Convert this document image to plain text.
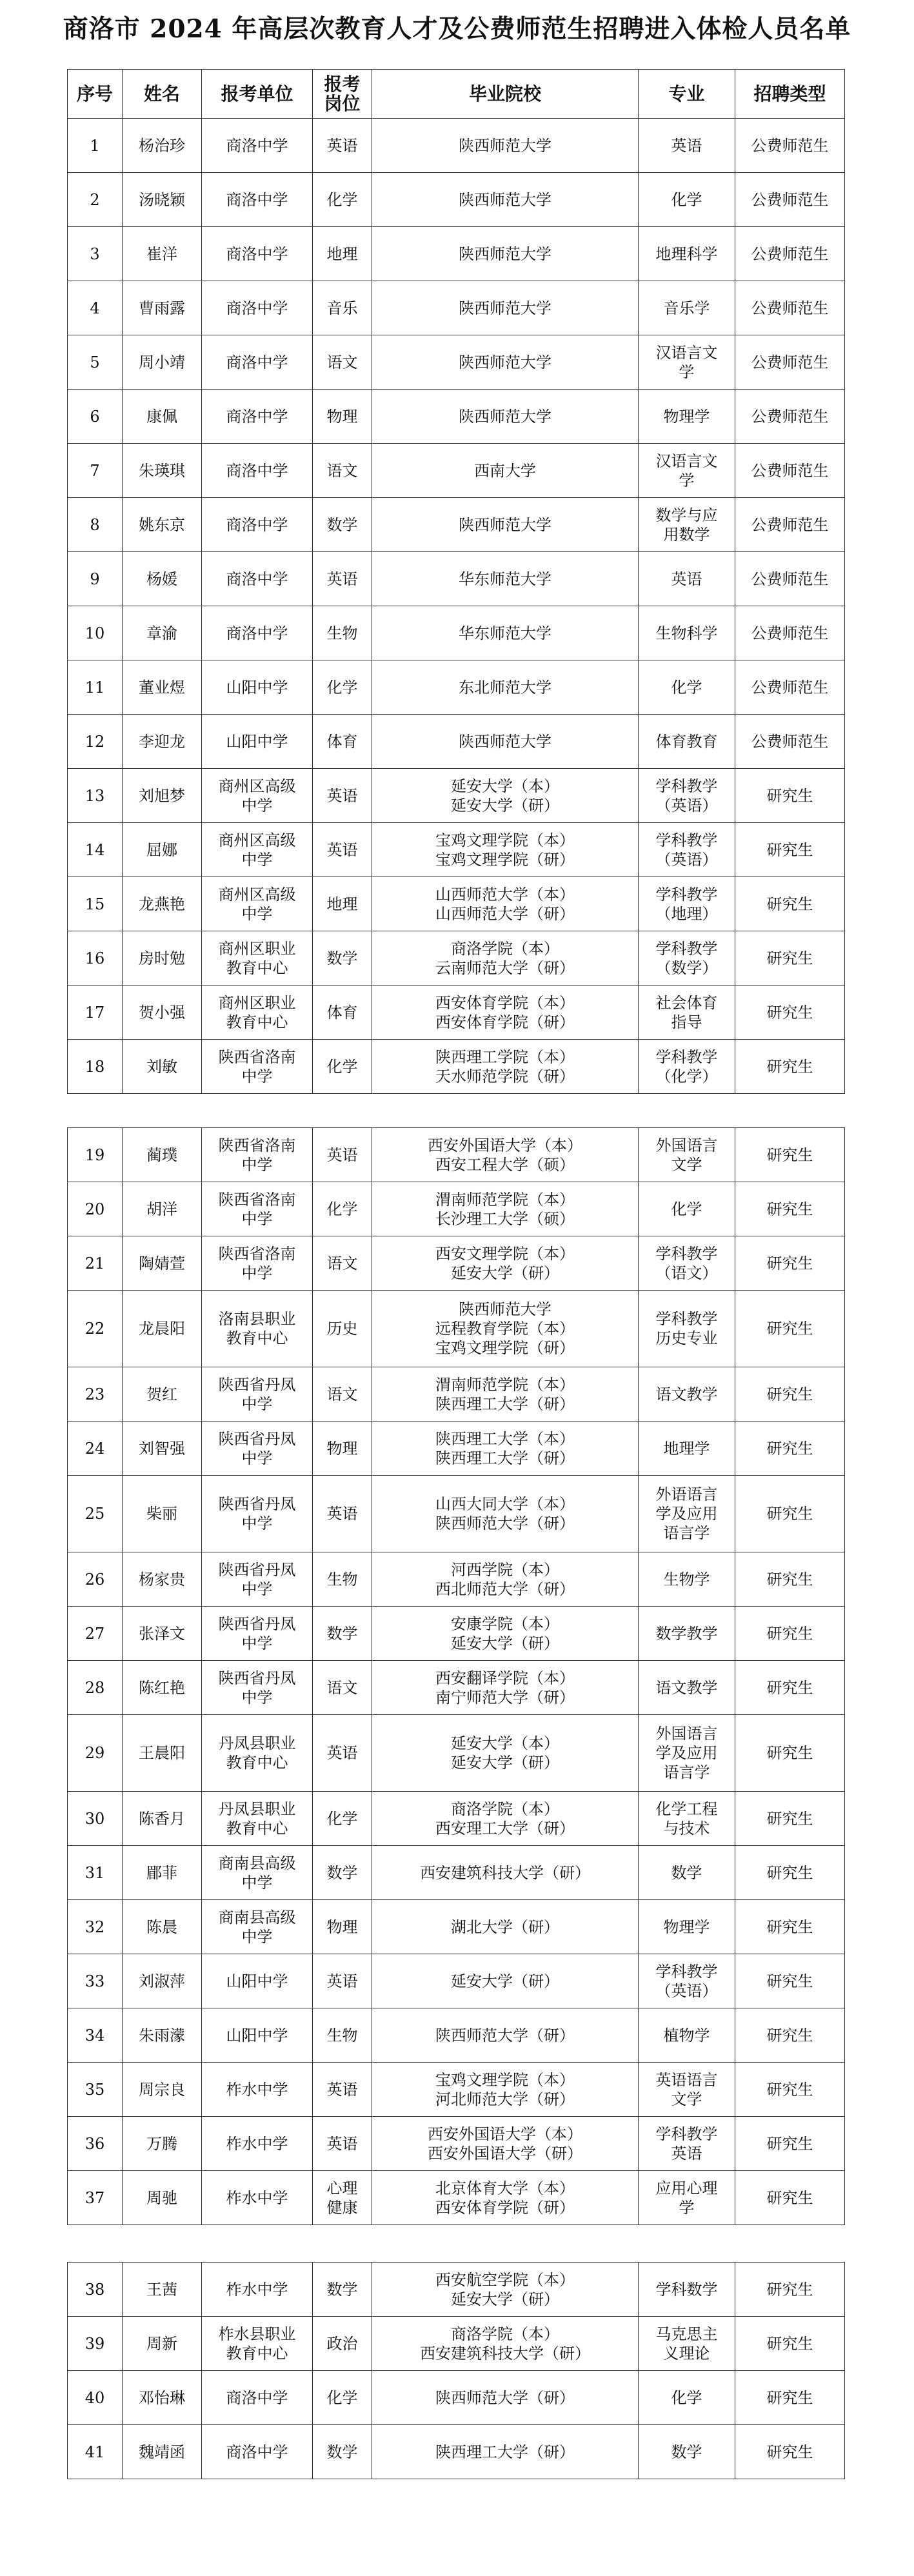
商洛市 2024 年高层次教育人才及公费师范生招聘进入体检人员名单
序号	姓名	报考单位	报考
岗位	毕业院校	专业	招聘类型
1	杨治珍	商洛中学	英语	陕西师范大学	英语	公费师范生
2	汤晓颖	商洛中学	化学	陕西师范大学	化学	公费师范生
3	崔洋	商洛中学	地理	陕西师范大学	地理科学	公费师范生
4	曹雨露	商洛中学	音乐	陕西师范大学	音乐学	公费师范生
5	周小靖	商洛中学	语文	陕西师范大学	汉语言文
学	公费师范生
6	康佩	商洛中学	物理	陕西师范大学	物理学	公费师范生
7	朱瑛琪	商洛中学	语文	西南大学	汉语言文
学	公费师范生
8	姚东京	商洛中学	数学	陕西师范大学	数学与应
用数学	公费师范生
9	杨媛	商洛中学	英语	华东师范大学	英语	公费师范生
10	章渝	商洛中学	生物	华东师范大学	生物科学	公费师范生
11	董业煜	山阳中学	化学	东北师范大学	化学	公费师范生
12	李迎龙	山阳中学	体育	陕西师范大学	体育教育	公费师范生
13	刘旭梦	商州区高级
中学	英语	延安大学（本）
延安大学（研）	学科教学
（英语）	研究生
14	屈娜	商州区高级
中学	英语	宝鸡文理学院（本）
宝鸡文理学院（研）	学科教学
（英语）	研究生
15	龙燕艳	商州区高级
中学	地理	山西师范大学（本）
山西师范大学（研）	学科教学
（地理）	研究生
16	房时勉	商州区职业
教育中心	数学	商洛学院（本）
云南师范大学（研）	学科教学
（数学）	研究生
17	贺小强	商州区职业
教育中心	体育	西安体育学院（本）
西安体育学院（研）	社会体育
指导	研究生
18	刘敏	陕西省洛南
中学	化学	陕西理工学院（本）
天水师范学院（研）	学科教学
（化学）	研究生
19	蔺璞	陕西省洛南
中学	英语	西安外国语大学（本）
西安工程大学（硕）	外国语言
文学	研究生
20	胡洋	陕西省洛南
中学	化学	渭南师范学院（本）
长沙理工大学（硕）	化学	研究生
21	陶婧萱	陕西省洛南
中学	语文	西安文理学院（本）
延安大学（研）	学科教学
（语文）	研究生
22	龙晨阳	洛南县职业
教育中心	历史	陕西师范大学
远程教育学院（本）
宝鸡文理学院（研）	学科教学
历史专业	研究生
23	贺红	陕西省丹凤
中学	语文	渭南师范学院（本）
陕西理工大学（研）	语文教学	研究生
24	刘智强	陕西省丹凤
中学	物理	陕西理工大学（本）
陕西理工大学（研）	地理学	研究生
25	柴丽	陕西省丹凤
中学	英语	山西大同大学（本）
陕西师范大学（研）	外语语言
学及应用
语言学	研究生
26	杨家贵	陕西省丹凤
中学	生物	河西学院（本）
西北师范大学（研）	生物学	研究生
27	张泽文	陕西省丹凤
中学	数学	安康学院（本）
延安大学（研）	数学教学	研究生
28	陈红艳	陕西省丹凤
中学	语文	西安翻译学院（本）
南宁师范大学（研）	语文教学	研究生
29	王晨阳	丹凤县职业
教育中心	英语	延安大学（本）
延安大学（研）	外国语言
学及应用
语言学	研究生
30	陈香月	丹凤县职业
教育中心	化学	商洛学院（本）
西安理工大学（研）	化学工程
与技术	研究生
31	郿菲	商南县高级
中学	数学	西安建筑科技大学（研）	数学	研究生
32	陈晨	商南县高级
中学	物理	湖北大学（研）	物理学	研究生
33	刘淑萍	山阳中学	英语	延安大学（研）	学科教学
（英语）	研究生
34	朱雨濛	山阳中学	生物	陕西师范大学（研）	植物学	研究生
35	周宗良	柞水中学	英语	宝鸡文理学院（本）
河北师范大学（研）	英语语言
文学	研究生
36	万腾	柞水中学	英语	西安外国语大学（本）
西安外国语大学（研）	学科教学
英语	研究生
37	周驰	柞水中学	心理
健康	北京体育大学（本）
西安体育学院（研）	应用心理
学	研究生
38	王茜	柞水中学	数学	西安航空学院（本）
延安大学（研）	学科数学	研究生
39	周新	柞水县职业
教育中心	政治	商洛学院（本）
西安建筑科技大学（研）	马克思主
义理论	研究生
40	邓怡琳	商洛中学	化学	陕西师范大学（研）	化学	研究生
41	魏靖函	商洛中学	数学	陕西理工大学（研）	数学	研究生
